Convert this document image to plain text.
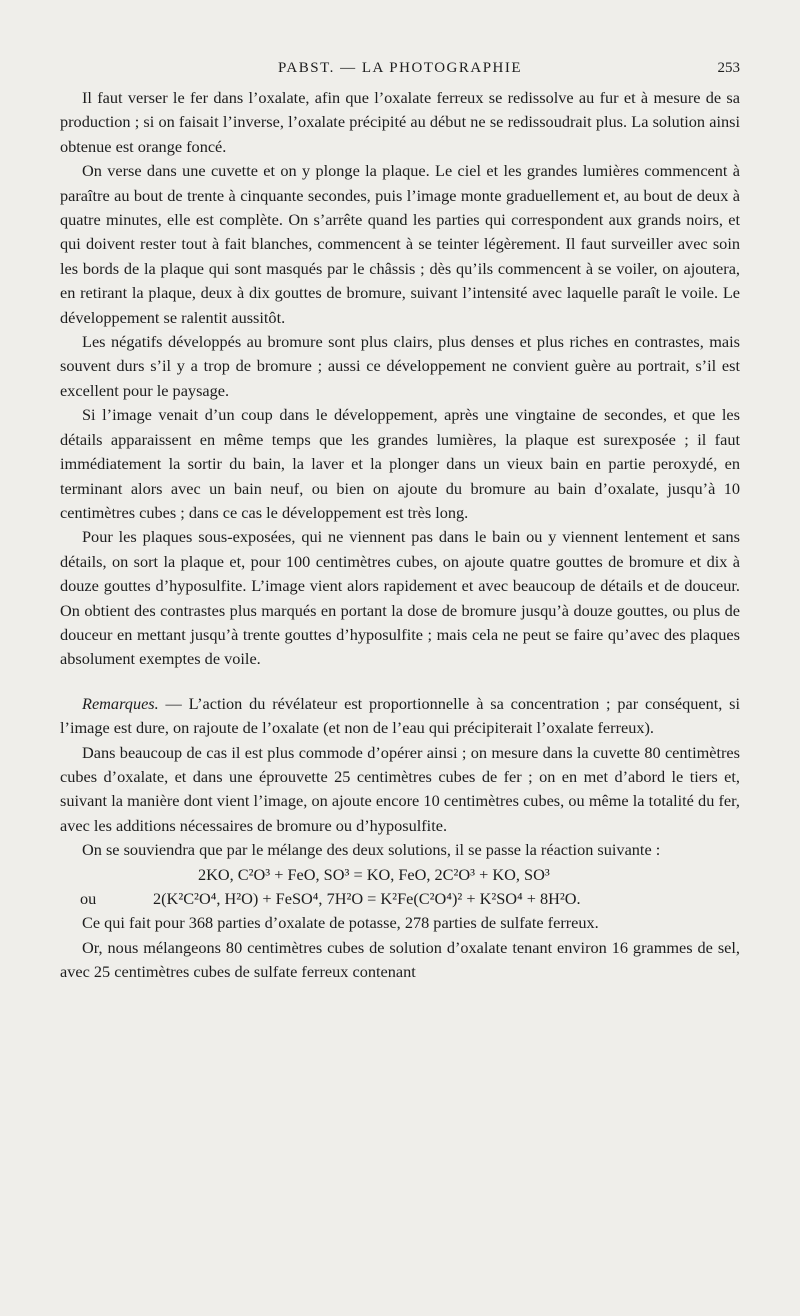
PABST. — LA PHOTOGRAPHIE	253

Il faut verser le fer dans l’oxalate, afin que l’oxalate ferreux se redissolve au fur et à mesure de sa production ; si on faisait l’inverse, l’oxalate précipité au début ne se redissoudrait plus. La solution ainsi obtenue est orange foncé.

On verse dans une cuvette et on y plonge la plaque. Le ciel et les grandes lumières commencent à paraître au bout de trente à cinquante secondes, puis l’image monte graduellement et, au bout de deux à quatre minutes, elle est complète. On s’arrête quand les parties qui correspondent aux grands noirs, et qui doivent rester tout à fait blanches, commencent à se teinter légèrement. Il faut surveiller avec soin les bords de la plaque qui sont masqués par le châssis ; dès qu’ils commencent à se voiler, on ajoutera, en retirant la plaque, deux à dix gouttes de bromure, suivant l’intensité avec laquelle paraît le voile. Le développement se ralentit aussitôt.

Les négatifs développés au bromure sont plus clairs, plus denses et plus riches en contrastes, mais souvent durs s’il y a trop de bromure ; aussi ce développement ne convient guère au portrait, s’il est excellent pour le paysage.

Si l’image venait d’un coup dans le développement, après une vingtaine de secondes, et que les détails apparaissent en même temps que les grandes lumières, la plaque est surexposée ; il faut immédiatement la sortir du bain, la laver et la plonger dans un vieux bain en partie peroxydé, en terminant alors avec un bain neuf, ou bien on ajoute du bromure au bain d’oxalate, jusqu’à 10 centimètres cubes ; dans ce cas le développement est très long.

Pour les plaques sous-exposées, qui ne viennent pas dans le bain ou y viennent lentement et sans détails, on sort la plaque et, pour 100 centimètres cubes, on ajoute quatre gouttes de bromure et dix à douze gouttes d’hyposulfite. L’image vient alors rapidement et avec beaucoup de détails et de douceur. On obtient des contrastes plus marqués en portant la dose de bromure jusqu’à douze gouttes, ou plus de douceur en mettant jusqu’à trente gouttes d’hyposulfite ; mais cela ne peut se faire qu’avec des plaques absolument exemptes de voile.

Remarques. — L’action du révélateur est proportionnelle à sa concentration ; par conséquent, si l’image est dure, on rajoute de l’oxalate (et non de l’eau qui précipiterait l’oxalate ferreux).

Dans beaucoup de cas il est plus commode d’opérer ainsi ; on mesure dans la cuvette 80 centimètres cubes d’oxalate, et dans une éprouvette 25 centimètres cubes de fer ; on en met d’abord le tiers et, suivant la manière dont vient l’image, on ajoute encore 10 centimètres cubes, ou même la totalité du fer, avec les additions nécessaires de bromure ou d’hyposulfite.

On se souviendra que par le mélange des deux solutions, il se passe la réaction suivante :

2KO, C²O³ + FeO, SO³ = KO, FeO, 2C²O³ + KO, SO³
ou	2(K²C²O⁴, H²O) + FeSO⁴, 7H²O = K²Fe(C²O⁴)² + K²SO⁴ + 8H²O.

Ce qui fait pour 368 parties d’oxalate de potasse, 278 parties de sulfate ferreux.

Or, nous mélangeons 80 centimètres cubes de solution d’oxalate tenant environ 16 grammes de sel, avec 25 centimètres cubes de sulfate ferreux contenant
